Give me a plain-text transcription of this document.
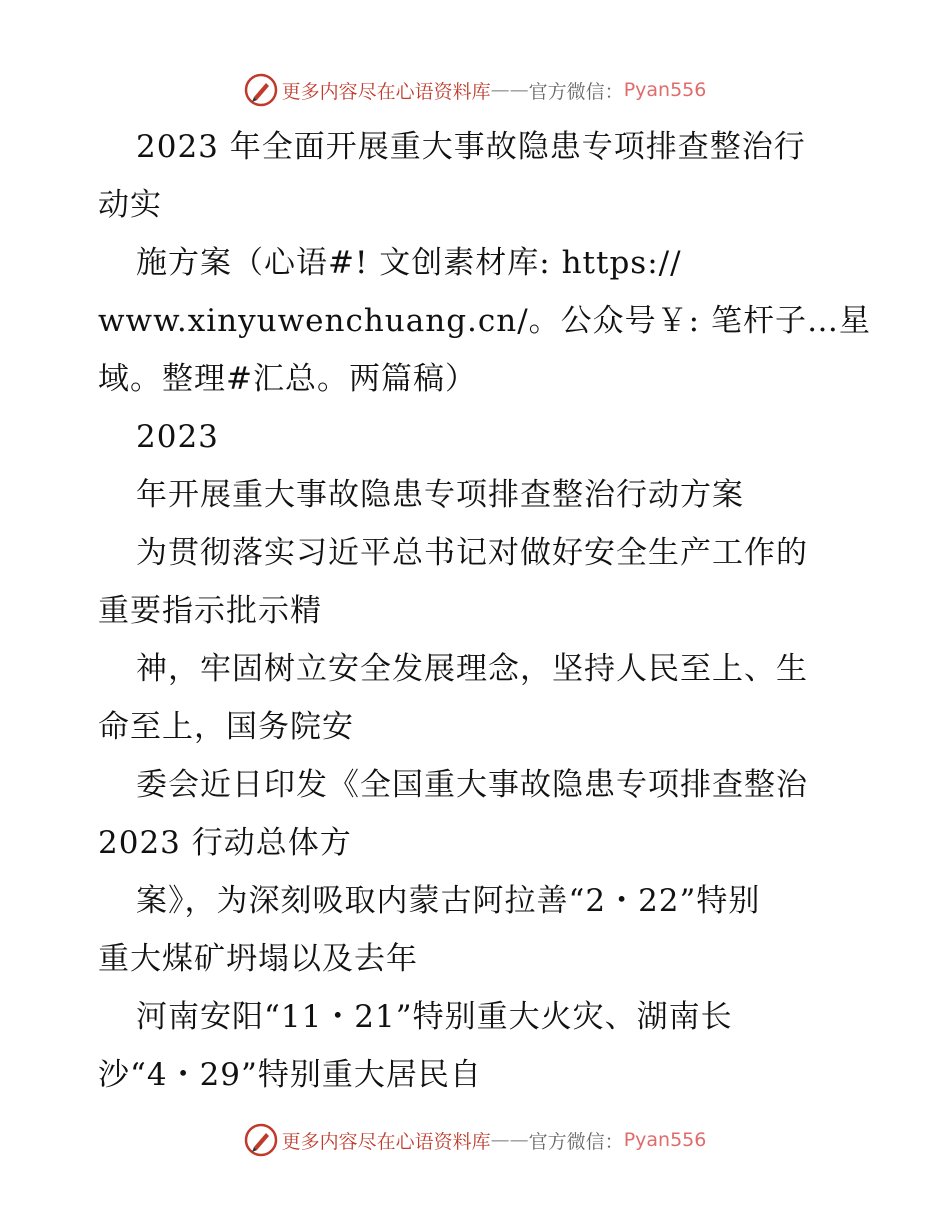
更多内容尽在心语资料库 —— 官方微信： Pyan556
2023 年全面开展重大事故隐患专项排查整治行
动实
施方案（心语#! 文创素材库: https://
www.xinyuwenchuang.cn/。公众号￥: 笔杆子…星
域。整理#汇总。两篇稿）
2023
年开展重大事故隐患专项排查整治行动方案
为贯彻落实习近平总书记对做好安全生产工作的
重要指示批示精
神，牢固树立安全发展理念，坚持人民至上、生
命至上，国务院安
委会近日印发《全国重大事故隐患专项排查整治
2023 行动总体方
案》，为深刻吸取内蒙古阿拉善“2・22”特别
重大煤矿坍塌以及去年
河南安阳“11・21”特别重大火灾、湖南长
沙“4・29”特别重大居民自
更多内容尽在心语资料库 —— 官方微信： Pyan556
